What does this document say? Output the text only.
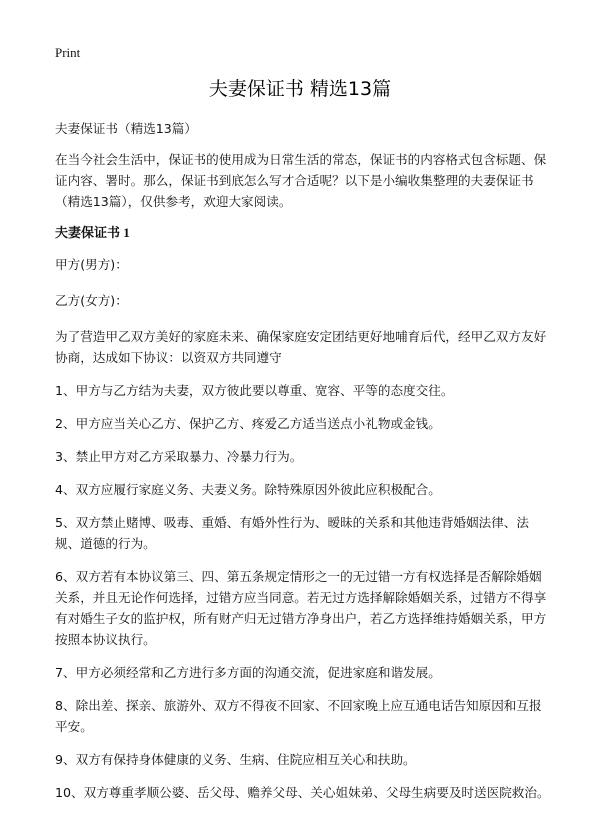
Print
夫妻保证书 精选13篇

夫妻保证书（精选13篇）

在当今社会生活中，保证书的使用成为日常生活的常态，保证书的内容格式包含标题、保证内容、署时。那么，保证书到底怎么写才合适呢？以下是小编收集整理的夫妻保证书（精选13篇），仅供参考，欢迎大家阅读。

夫妻保证书 1

甲方(男方)：

乙方(女方)：

为了营造甲乙双方美好的家庭未来、确保家庭安定团结更好地哺育后代，经甲乙双方友好协商，达成如下协议：以资双方共同遵守

1、甲方与乙方结为夫妻，双方彼此要以尊重、宽容、平等的态度交往。

2、甲方应当关心乙方、保护乙方、疼爱乙方适当送点小礼物或金钱。

3、禁止甲方对乙方采取暴力、冷暴力行为。

4、双方应履行家庭义务、夫妻义务。除特殊原因外彼此应积极配合。

5、双方禁止赌博、吸毒、重婚、有婚外性行为、暧昧的关系和其他违背婚姻法律、法规、道德的行为。

6、双方若有本协议第三、四、第五条规定情形之一的无过错一方有权选择是否解除婚姻关系，并且无论作何选择，过错方应当同意。若无过方选择解除婚姻关系，过错方不得享有对婚生子女的监护权，所有财产归无过错方净身出户，若乙方选择维持婚姻关系，甲方按照本协议执行。

7、甲方必须经常和乙方进行多方面的沟通交流，促进家庭和谐发展。

8、除出差、探亲、旅游外、双方不得夜不回家、不回家晚上应互通电话告知原因和互报平安。

9、双方有保持身体健康的义务、生病、住院应相互关心和扶助。

10、双方尊重孝顺公婆、岳父母、赡养父母、关心姐妹弟、父母生病要及时送医院救治。
